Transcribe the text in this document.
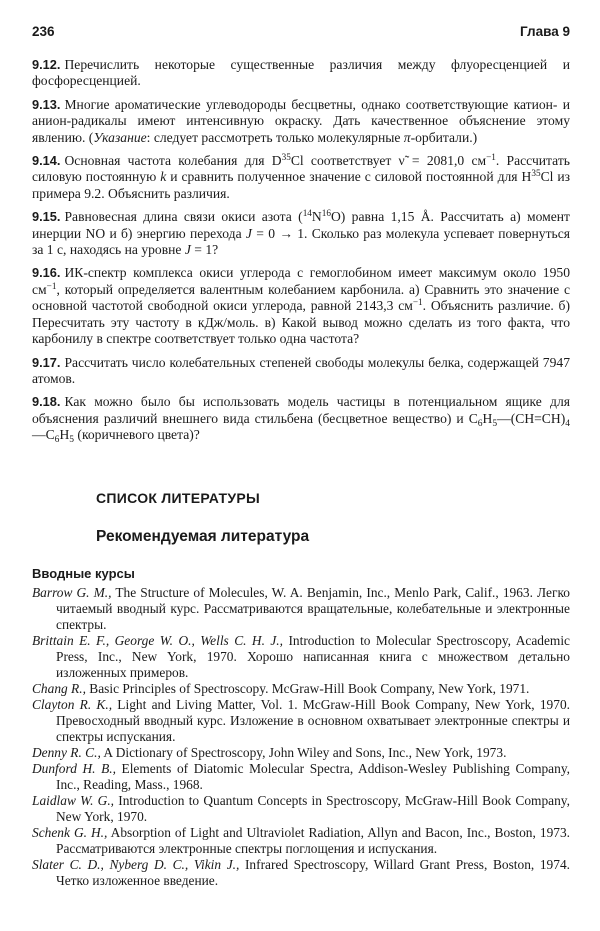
236	Глава 9

9.12. Перечислить некоторые существенные различия между флуоресценцией и фосфоресценцией.

9.13. Многие ароматические углеводороды бесцветны, однако соответствующие катион- и анион-радикалы имеют интенсивную окраску. Дать качественное объяснение этому явлению. (Указание: следует рассмотреть только молекулярные π-орбитали.)

9.14. Основная частота колебания для $D^{35}Cl$ соответствует ν̃ = 2081,0 $см^{-1}$. Рассчитать силовую постоянную k и сравнить полученное значение с силовой постоянной для $H^{35}Cl$ из примера 9.2. Объяснить различия.

9.15. Равновесная длина связи окиси азота $(^{14}N^{16}O)$ равна 1,15 Å. Рассчитать а) момент инерции NO и б) энергию перехода J = 0 → 1. Сколько раз молекула успевает повернуться за 1 с, находясь на уровне J = 1?

9.16. ИК-спектр комплекса окиси углерода с гемоглобином имеет максимум около 1950 $см^{-1}$, который определяется валентным колебанием карбонила. а) Сравнить это значение с основной частотой свободной окиси углерода, равной 2143,3 $см^{-1}$. Объяснить различие. б) Пересчитать эту частоту в кДж/моль. в) Какой вывод можно сделать из того факта, что карбонилу в спектре соответствует только одна частота?

9.17. Рассчитать число колебательных степеней свободы молекулы белка, содержащей 7947 атомов.

9.18. Как можно было бы использовать модель частицы в потенциальном ящике для объяснения различий внешнего вида стильбена (бесцветное вещество) и $C_6H_5—(CH=CH)_4—C_6H_5$ (коричневого цвета)?

СПИСОК ЛИТЕРАТУРЫ
Рекомендуемая литература
Вводные курсы
Barrow G. M., The Structure of Molecules, W. A. Benjamin, Inc., Menlo Park, Calif., 1963. Легко читаемый вводный курс. Рассматриваются вращательные, колебательные и электронные спектры.
Brittain E. F., George W. O., Wells C. H. J., Introduction to Molecular Spectroscopy, Academic Press, Inc., New York, 1970. Хорошо написанная книга с множеством детально изложенных примеров.
Chang R., Basic Principles of Spectroscopy. McGraw-Hill Book Company, New York, 1971.
Clayton R. K., Light and Living Matter, Vol. 1. McGraw-Hill Book Company, New York, 1970. Превосходный вводный курс. Изложение в основном охватывает электронные спектры и спектры испускания.
Denny R. C., A Dictionary of Spectroscopy, John Wiley and Sons, Inc., New York, 1973.
Dunford H. B., Elements of Diatomic Molecular Spectra, Addison-Wesley Publishing Company, Inc., Reading, Mass., 1968.
Laidlaw W. G., Introduction to Quantum Concepts in Spectroscopy, McGraw-Hill Book Company, New York, 1970.
Schenk G. H., Absorption of Light and Ultraviolet Radiation, Allyn and Bacon, Inc., Boston, 1973. Рассматриваются электронные спектры поглощения и испускания.
Slater C. D., Nyberg D. C., Vikin J., Infrared Spectroscopy, Willard Grant Press, Boston, 1974. Четко изложенное введение.
